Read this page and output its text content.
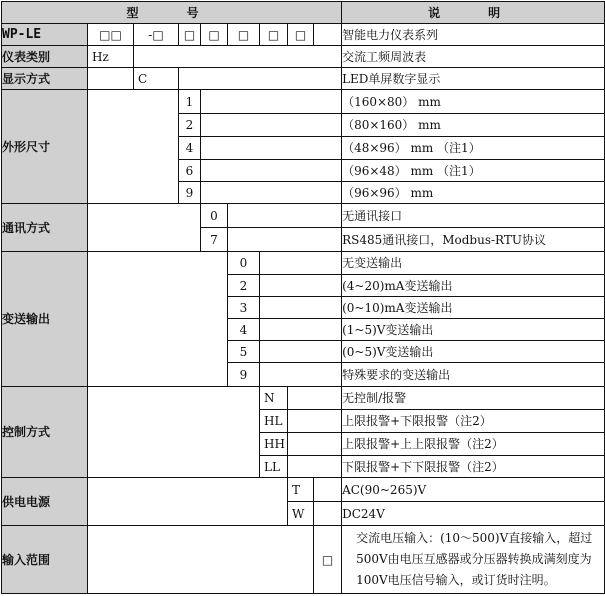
型　号									说　明
WP-LE	□□	-□	□	□	□	□	□		智能电力仪表系列
仪表类别	Hz								交流工频周波表
显示方式		C							LED单屏数字显示
外形尺寸			1						（160×80） mm
			2						（80×160） mm
			4						（48×96） mm （注1）
			6						（96×48） mm （注1）
			9						（96×96） mm
通讯方式				0					无通讯接口
				7					RS485通讯接口，Modbus-RTU协议
变送输出					0				无变送输出
					2				(4~20)mA变送输出
					3				(0~10)mA变送输出
					4				(1~5)V变送输出
					5				(0~5)V变送输出
					9				特殊要求的变送输出
控制方式						N			无控制/报警
						HL			上限报警+下限报警（注2）
						HH			上限报警+上上限报警（注2）
						LL			下限报警+下下限报警（注2）
供电电源							T		AC(90~265)V
							W		DC24V
输入范围								□	交流电压输入：(10～500)V直接输入，超过500V由电压互感器或分压器转换成满刻度为100V电压信号输入，或订货时注明。
